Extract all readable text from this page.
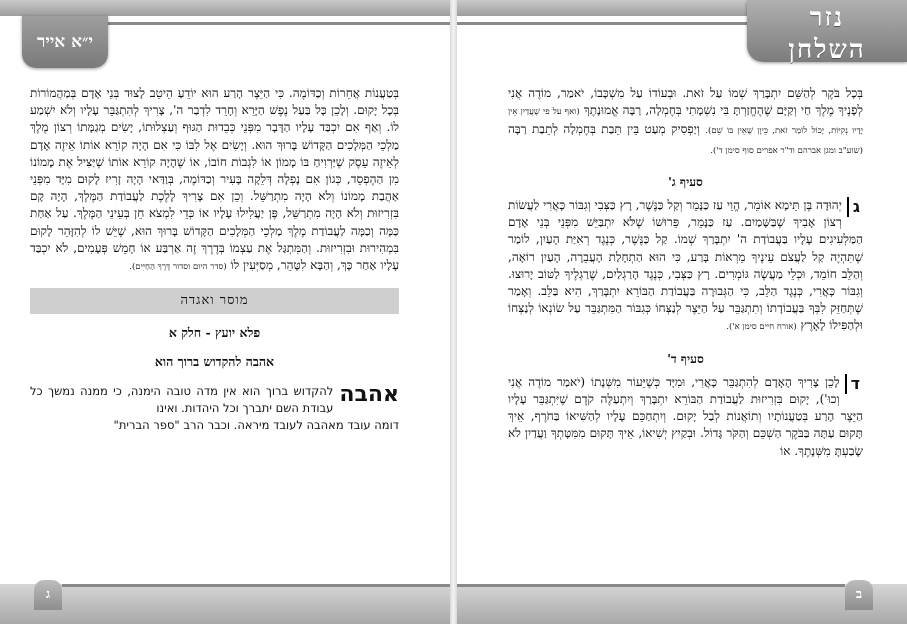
י״א אייר

בְּטַעֲנוֹת אֲחֵרוֹת וְכַדּוֹמֶה. כִּי הַיֵּצֶר הָרַע הוּא יוֹדֵעַ הֵיטֵב לָצוּד בְּנֵי אָדָם בְּמַהֲמוֹרוֹת בְּכָל יָקוּם. וְלָכֵן כָּל בַּעַל נֶפֶשׁ הַיָּרֵא וְחָרֵד לִדְבַר ה', צָרִיךְ לְהִתְגַּבֵּר עָלָיו וְלֹא יִשְׁמַע לוֹ. וְאַף אִם יִכְבַּד עָלָיו הַדָּבָר מִפְּנֵי כְּבֵדוּת הַגּוּף וְעַצְלוּתוֹ, יָשִׂים מְגַמָּתוֹ רְצוֹן מֶלֶךְ מַלְכֵי הַמְּלָכִים הַקָּדוֹשׁ בָּרוּךְ הוּא. וְיָשִׂים אֶל לִבּוֹ כִּי אִם הָיָה קוֹרֵא אוֹתוֹ אֵיזֶה אָדָם לְאֵיזֶה עֵסֶק שֶׁיַּרְוִיחַ בּוֹ מָמוֹן אוֹ לִגְבוֹת חוֹבוֹ, אוֹ שֶׁהָיָה קוֹרֵא אוֹתוֹ שֶׁיַּצִּיל אֶת מָמוֹנוֹ מִן הַהֶפְסֵד, כְּגוֹן אִם נָפְלָה דְּלֵקָה בָּעִיר וְכַדּוֹמֶה, בְּוַדַּאי הָיָה זָרִיז לָקוּם מִיָּד מִפְּנֵי אַהֲבַת מָמוֹנוֹ וְלֹא הָיָה מִתְרַשֵּׁל. וְכֵן אִם צָרִיךְ לָלֶכֶת לַעֲבוֹדַת הַמֶּלֶךְ, הָיָה קָם בִּזְרִיזוּת וְלֹא הָיָה מִתְרַשֵּׁל, פֶּן יַעֲלִילוּ עָלָיו אוֹ כְּדֵי לִמְצֹא חֵן בְּעֵינֵי הַמֶּלֶךְ. עַל אַחַת כַּמָּה וְכַמָּה לַעֲבוֹדַת מֶלֶךְ מַלְכֵי הַמְּלָכִים הַקָּדוֹשׁ בָּרוּךְ הוּא, שֶׁיֵּשׁ לוֹ לְהִזָּהֵר לָקוּם בִּמְהִירוּת וּבִזְרִיזוּת. וְהַמִּתְגַּל אֶת עַצְמוֹ בְּדֶרֶךְ זֶה אַרְבַּע אוֹ חָמֵשׁ פְּעָמִים, לֹא יִכְבַּד עָלָיו אַחַר כָּךְ, וְהַבָּא לִטָּהֵר, מְסַיְּעִין לוֹ (סדר היום וסדור דֶּרֶךְ הַחַיִּים).

מוסר ואגדה
פלא יועץ - חלק א
אהבה להקדוש ברוך הוא
אהבה
להקדוש ברוך הוא אין מדה טובה הימנה, כי ממנה נמשך כל עבודת השם יתברך וכל היהדות. ואינו
דומה עובד מאהבה לעובד מיראה. וכבר הרב "ספר הברית"
ג
נזר
השלחן

בְּכָל בֹּקֶר לְהַשֵּׁם יִתְבָּרַךְ שְׁמוֹ עַל זֹאת. וּבְעוֹדוֹ עַל מִשְׁכָּבוֹ, יֹאמַר, מוֹדֶה אֲנִי לְפָנֶיךָ מֶלֶךְ חַי וְקַיָּם שֶׁהֶחֱזַרְתָּ בִּי נִשְׁמָתִי בְּחֶמְלָה, רַבָּה אֱמוּנָתֶךָ (ואף על פי שֶׁעֲדַיִן אֵין יָדָיו נְקִיּוֹת, יָכוֹל לוֹמַר זֹאת, כֵּיוָן שֶׁאֵין בּוֹ שֵׁם). וְיַפְסִיק מְעַט בֵּין תֵּבַת בְּחֶמְלָה לְתֵבַת רַבָּה (שוע"ב ומגן אברהם וד"ר אפרים סוף סימן ד').

סעיף ג'

ג
יְהוּדָה בֶּן תֵּימָא אוֹמֵר, הֱוֵי עַז כַּנָּמֵר וְקַל כַּנֶּשֶׁר, רָץ כַּצְּבִי וְגִבּוֹר כָּאֲרִי לַעֲשׂוֹת רְצוֹן אָבִיךָ שֶׁבַּשָּׁמַיִם. עַז כַּנָּמֵר, פֵּרוּשׁוֹ שֶׁלֹּא יִתְבַּיֵּשׁ מִפְּנֵי בְּנֵי אָדָם הַמַּלְעִיגִים עָלָיו בַּעֲבוֹדַת ה' יִתְבָּרַךְ שְׁמוֹ. קַל כַּנֶּשֶׁר, כְּנֶגֶד רְאִיַּת הָעַיִן, לוֹמַר שֶׁתִּהְיֶה קַל לַעֲצֹם עֵינֶיךָ מֵרְאוֹת בָּרַע, כִּי הוּא הַתְחָלַת הָעֲבֵרָה, הָעַיִן רוֹאָה, וְהַלֵּב חוֹמֵד, וּכְלֵי מַעֲשֶׂה גּוֹמְרִים. רָץ כַּצְּבִי, כְּנֶגֶד הָרַגְלַיִם, שֶׁרַגְלֶיךָ לַטּוֹב יָרוּצוּ. וְגִבּוֹר כָּאֲרִי, כְּנֶגֶד הַלֵּב, כִּי הַגְּבוּרָה בַּעֲבוֹדַת הַבּוֹרֵא יִתְבָּרַךְ, הִיא בַּלֵּב. וְאָמַר שֶׁתְּחַזֵּק לִבְּךָ בַּעֲבוֹדָתוֹ וְתִתְגַּבֵּר עַל הַיֵּצֶר לְנַצְּחוֹ כְּגִבּוֹר הַמִּתְגַּבֵּר עַל שׂוֹנְאוֹ לְנַצְּחוֹ וּלְהַפִּילוֹ לָאָרֶץ (אורח חיים סימן א').

סעיף ד'

ד
לָכֵן צָרִיךְ הָאָדָם לְהִתְגַּבֵּר כָּאֲרִי, וּמִיָּד כְּשֶׁיֵּעוֹר מִשְּׁנָתוֹ (יֹאמַר מוֹדֶה אֲנִי וְכוּ'), יָקוּם בִּזְרִיזוּת לַעֲבוֹדַת הַבּוֹרֵא יִתְבָּרַךְ וְיִתְעַלֶּה קֹדֶם שֶׁיִּתְגַּבֵּר עָלָיו הַיֵּצֶר הָרַע בְּטַעֲנוֹתָיו וְתוֹאֲנוֹת לְבַל יָקוּם. וְיִתְחַכֵּם עָלָיו לְהַשִּׁיאוֹ בַּחֹרֶף, אֵיךְ תָּקוּם עַתָּה בַּבֹּקֶר הַשְׁכֵּם וְהַקֹּר גָּדוֹל. וּבְקַיִץ יְשִׁיאוֹ, אֵיךְ תָּקוּם מִמִּטָּתְךָ וַעֲדַיִן לֹא שָׂבַעְתָּ מִשְּׁנָתֶךָ. אוֹ

ב
